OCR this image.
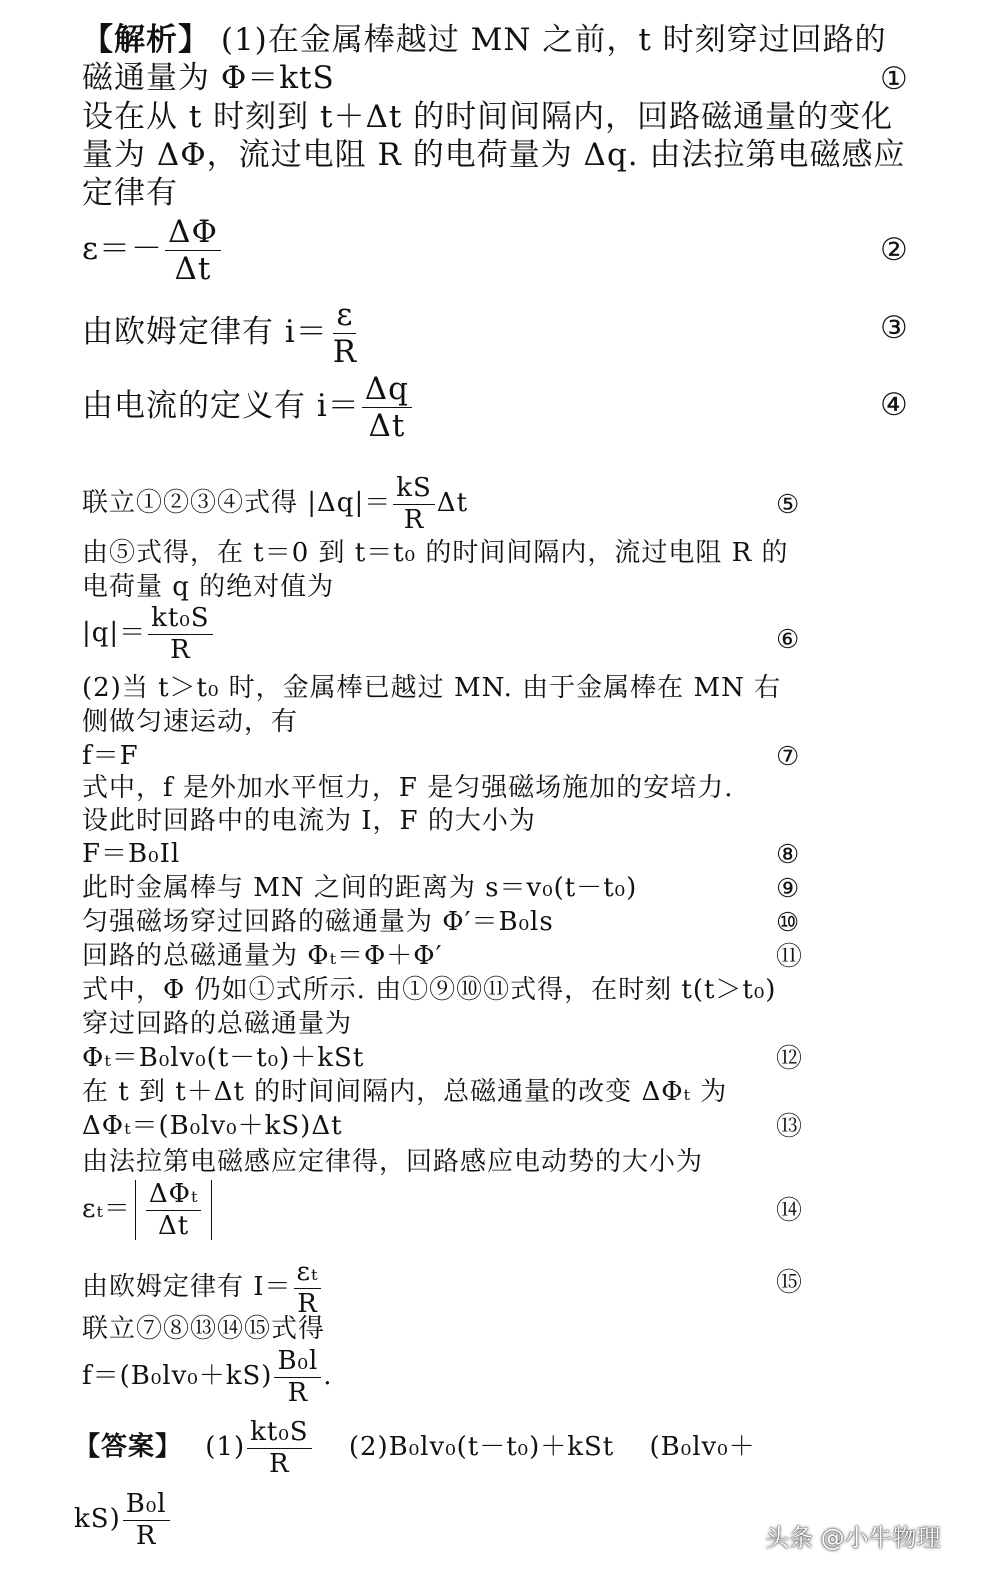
【解析】 (1)在金属棒越过 MN 之前，t 时刻穿过回路的
磁通量为 Φ＝ktS	①
设在从 t 时刻到 t＋Δt 的时间间隔内，回路磁通量的变化
量为 ΔΦ，流过电阻 R 的电荷量为 Δq. 由法拉第电磁感应
定律有
$\varepsilon=- \frac{\Delta\Phi}{\Delta t}$	②
由欧姆定律有 $i= \frac{\varepsilon}{R}$	③
由电流的定义有 $i= \frac{\Delta q}{\Delta t}$	④
联立①②③④式得 $|\Delta q|= \frac{kS}{R}$ Δt	⑤
由⑤式得，在 t＝0 到 t＝t₀ 的时间间隔内，流过电阻 R 的
电荷量 q 的绝对值为
$|q|= \frac{\text{kt₀S}}{R}$	⑥
(2)当 t＞t₀ 时，金属棒已越过 MN. 由于金属棒在 MN 右
侧做匀速运动，有
f＝F	⑦
式中，f 是外加水平恒力，F 是匀强磁场施加的安培力.
设此时回路中的电流为 I，F 的大小为
F＝B₀Il	⑧
此时金属棒与 MN 之间的距离为 s＝v₀(t－t₀)	⑨
匀强磁场穿过回路的磁通量为 Φ′＝B₀ls	⑩
回路的总磁通量为 Φₜ＝Φ＋Φ′	⑪
式中，Φ 仍如①式所示. 由①⑨⑩⑪式得，在时刻 t(t＞t₀)
穿过回路的总磁通量为
Φₜ＝B₀lv₀(t－t₀)＋kSt	⑫
在 t 到 t＋Δt 的时间间隔内，总磁通量的改变 ΔΦₜ 为
ΔΦₜ＝(B₀lv₀＋kS)Δt	⑬
由法拉第电磁感应定律得，回路感应电动势的大小为
$\varepsilon_t= \frac{\text{ΔΦₜ}}{\Delta t}$	⑭
由欧姆定律有 $I= \frac{\text{εₜ}}{R}$	⑮
联立⑦⑧⑬⑭⑮式得
$f=(B_0lv_0+kS) \frac{\text{B₀l}}{R}$ .
【答案】 $(1) \frac{\text{kt₀S}}{R} (2)B_0lv_0(t-t_0)+kSt$ (B₀lv₀＋
$kS) \frac{\text{B₀l}}{R}$	头条 @小牛物理
